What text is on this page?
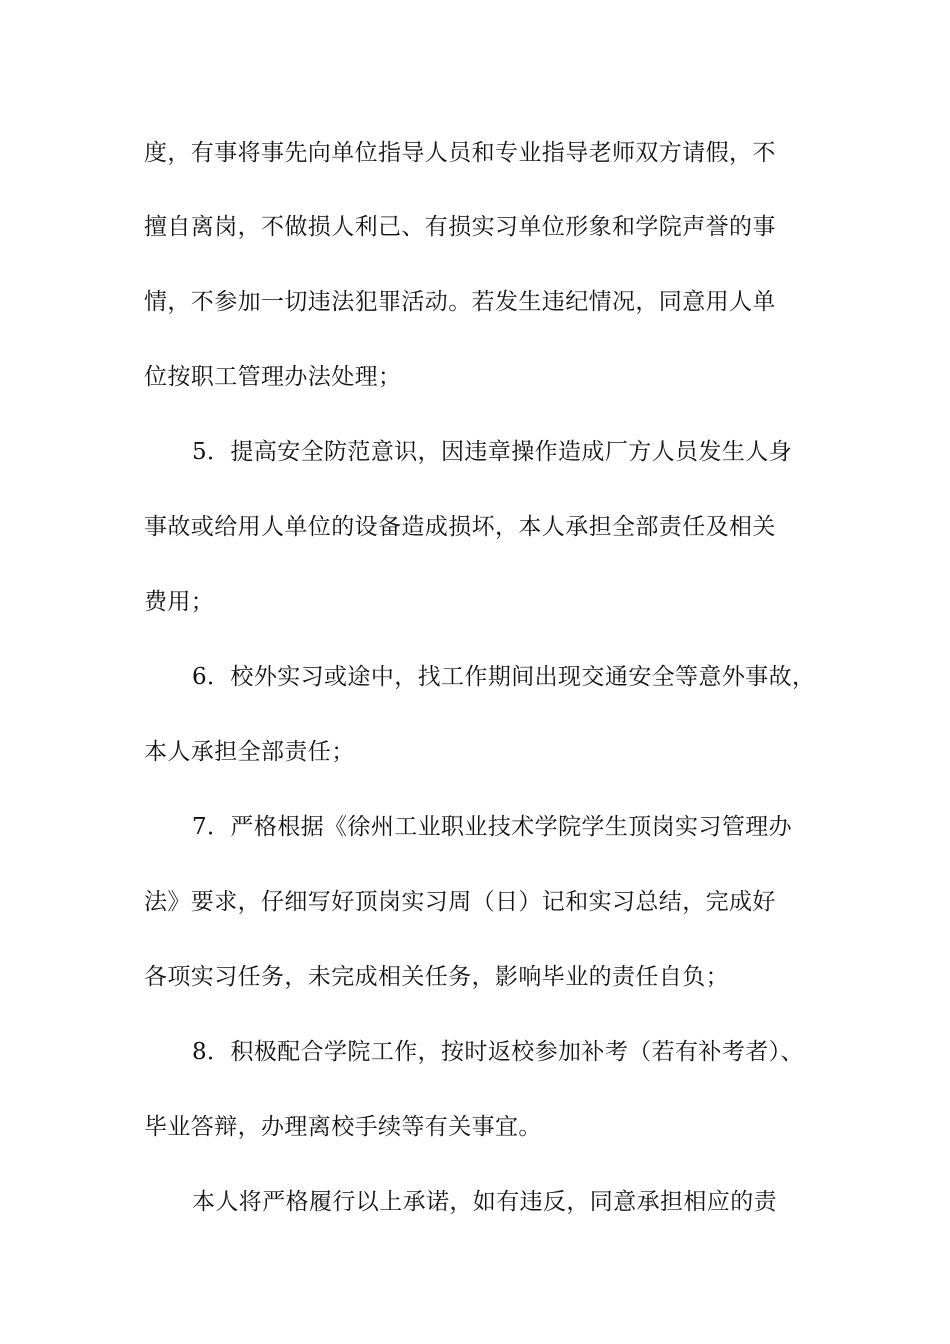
度，有事将事先向单位指导人员和专业指导老师双方请假，不
擅自离岗，不做损人利己、有损实习单位形象和学院声誉的事
情，不参加一切违法犯罪活动。若发生违纪情况，同意用人单
位按职工管理办法处理；
5．提高安全防范意识，因违章操作造成厂方人员发生人身
事故或给用人单位的设备造成损坏，本人承担全部责任及相关
费用；
6．校外实习或途中，找工作期间出现交通安全等意外事故，
本人承担全部责任；
7．严格根据《徐州工业职业技术学院学生顶岗实习管理办
法》要求，仔细写好顶岗实习周（日）记和实习总结，完成好
各项实习任务，未完成相关任务，影响毕业的责任自负；
8．积极配合学院工作，按时返校参加补考（若有补考者）、
毕业答辩，办理离校手续等有关事宜。
本人将严格履行以上承诺，如有违反，同意承担相应的责
